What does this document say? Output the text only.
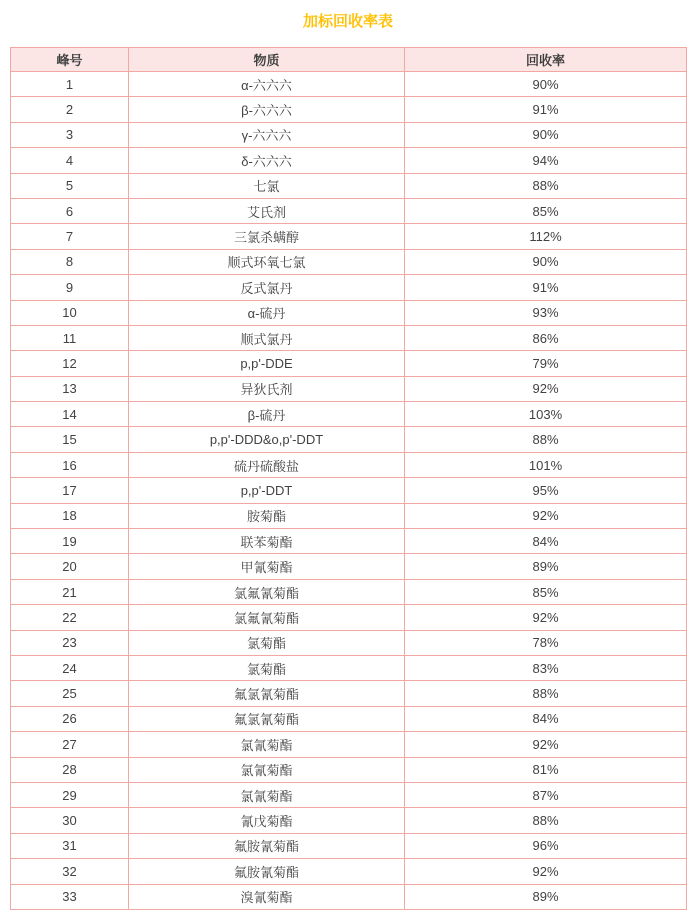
加标回收率表
峰号	物质	回收率
1	α-六六六	90%
2	β-六六六	91%
3	γ-六六六	90%
4	δ-六六六	94%
5	七氯	88%
6	艾氏剂	85%
7	三氯杀螨醇	112%
8	顺式环氧七氯	90%
9	反式氯丹	91%
10	α-硫丹	93%
11	顺式氯丹	86%
12	p,p'-DDE	79%
13	异狄氏剂	92%
14	β-硫丹	103%
15	p,p'-DDD&o,p'-DDT	88%
16	硫丹硫酸盐	101%
17	p,p'-DDT	95%
18	胺菊酯	92%
19	联苯菊酯	84%
20	甲氰菊酯	89%
21	氯氟氰菊酯	85%
22	氯氟氰菊酯	92%
23	氯菊酯	78%
24	氯菊酯	83%
25	氟氯氰菊酯	88%
26	氟氯氰菊酯	84%
27	氯氰菊酯	92%
28	氯氰菊酯	81%
29	氯氰菊酯	87%
30	氰戊菊酯	88%
31	氟胺氰菊酯	96%
32	氟胺氰菊酯	92%
33	溴氰菊酯	89%
